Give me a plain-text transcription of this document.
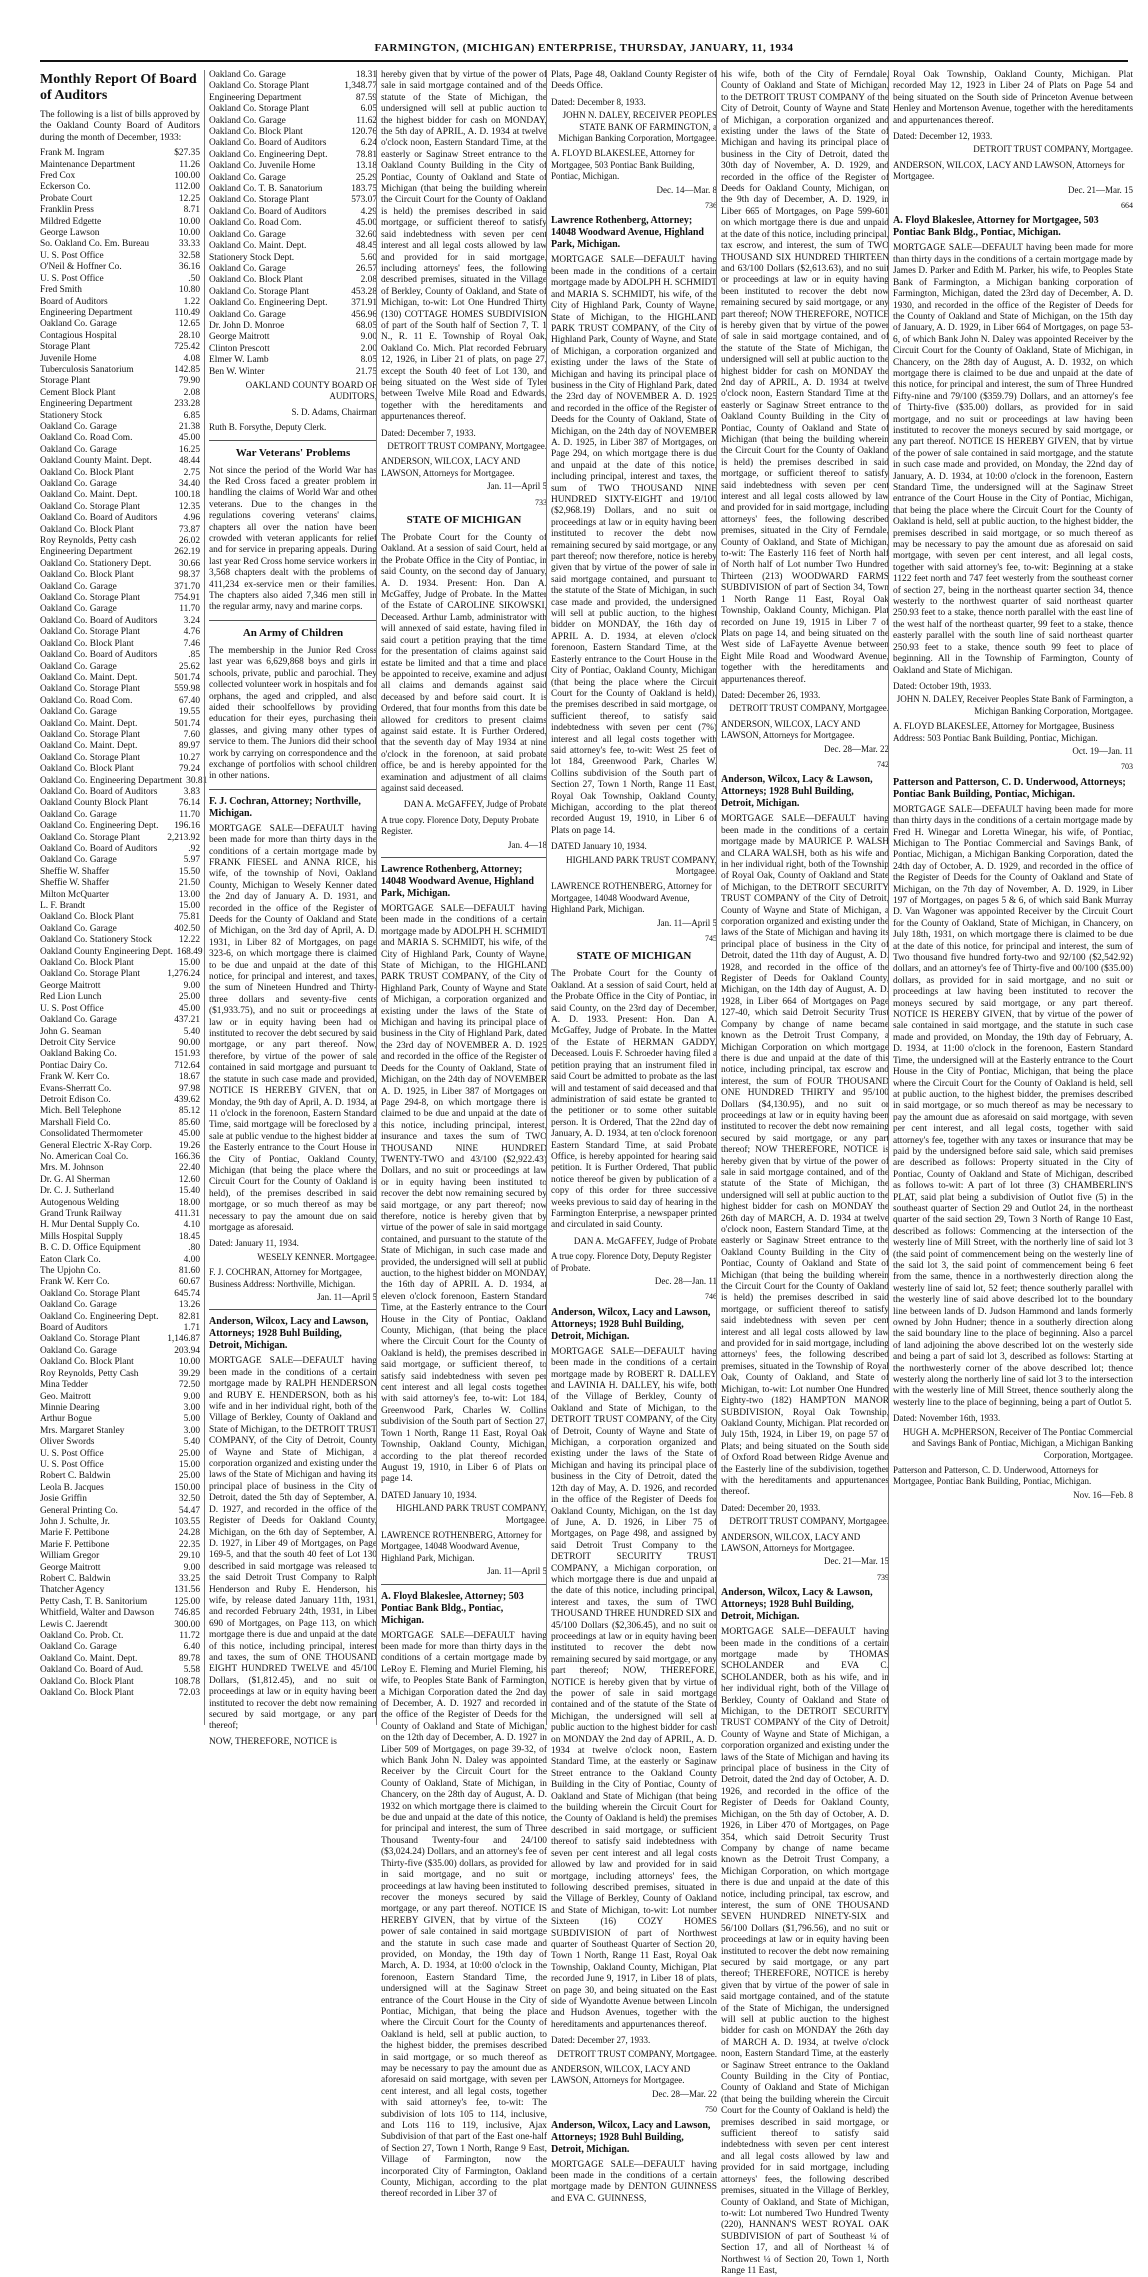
FARMINGTON, (MICHIGAN) ENTERPRISE, THURSDAY, JANUARY, 11, 1934
Monthly Report Of Board of Auditors
The following is a list of bills approved by the Oakland County Board of Auditors during the month of December, 1933:
Frank M. Ingram	$27.35
Maintenance Department	11.26
Fred Cox	100.00
Eckerson Co.	112.00
Probate Court	12.25
Franklin Press	8.71
Mildred Edgette	10.00
George Lawson	10.00
So. Oakland Co. Em. Bureau	33.33
U. S. Post Office	32.58
O'Neil & Hoffner Co.	36.16
U. S. Post Office	.50
Fred Smith	10.80
Board of Auditors	1.22
Engineering Department	110.49
Oakland Co. Garage	12.65
Contagious Hospital	28.10
Storage Plant	725.42
Juvenile Home	4.08
Tuberculosis Sanatorium	142.85
Storage Plant	79.90
Cement Block Plant	2.08
Engineering Department	233.28
Stationery Stock	6.85
Oakland Co. Garage	21.38
Oakland Co. Road Com.	45.00
Oakland Co. Garage	16.25
Oakland County Maint. Dept.	48.44
Oakland Co. Block Plant	2.75
Oakland Co. Garage	34.40
Oakland Co. Maint. Dept.	100.18
Oakland Co. Storage Plant	12.35
Oakland Co. Board of Auditors	4.96
Oakland Co. Block Plant	73.87
Roy Reynolds, Petty cash	26.02
Engineering Department	262.19
Oakland Co. Stationery Dept.	30.66
Oakland Co. Block Plant	98.37
Oakland Co. Garage	371.70
Oakland Co. Storage Plant	754.91
Oakland Co. Garage	11.70
Oakland Co. Board of Auditors	3.24
Oakland Co. Storage Plant	4.76
Oakland Co. Block Plant	7.46
Oakland Co. Board of Auditors	.85
Oakland Co. Garage	25.62
Oakland Co. Maint. Dept.	501.74
Oakland Co. Storage Plant	559.98
Oakland Co. Road Com.	67.40
Oakland Co. Garage	19.55
Oakland Co. Maint. Dept.	501.74
Oakland Co. Storage Plant	7.60
Oakland Co. Maint. Dept.	89.97
Oakland Co. Storage Plant	10.27
Oakland Co. Block Plant	79.24
Oakland Co. Engineering Department 30.81
Oakland Co. Board of Auditors	3.83
Oakland County Block Plant	76.14
Oakland Co. Garage	11.70
Oakland Co. Engineering Dept. 196.16
Oakland Co. Storage Plant	2,213.92
Oakland Co. Board of Auditors	.92
Oakland Co. Garage	5.97
Sheffie W. Shaffer	15.50
Sheffie W. Shaffer	21.50
Milton McQuarter	13.00
L. F. Brandt	15.00
Oakland Co. Block Plant	75.81
Oakland Co. Garage	402.50
Oakland Co. Stationery Stock	12.22
Oakland County Engineering Dept. 168.49
Oakland Co. Block Plant	15.00
Oakland Co. Storage Plant	1,276.24
George Maitrott	9.00
Red Lion Lunch	25.00
U. S. Post Office	45.00
Oakland Co. Garage	437.21
John G. Seaman	5.40
Detroit City Service	90.00
Oakland Baking Co.	151.93
Pontiac Dairy Co.	712.64
Frank W. Kerr Co.	18.67
Evans-Sherratt Co.	97.98
Detroit Edison Co.	439.62
Mich. Bell Telephone	85.12
Marshall Field Co.	85.60
Consolidated Thermometer	45.00
General Electric X-Ray Corp.	19.26
No. American Coal Co.	166.36
Mrs. M. Johnson	22.40
Dr. G. Al Sherman	12.60
Dr. C. J. Sutherland	15.40
Autogenous Welding	18.00
Grand Trunk Railway	411.31
H. Mur Dental Supply Co.	4.10
Mills Hospital Supply	18.45
B. C. D. Office Equipment	.80
Eaton Clark Co.	4.00
The Upjohn Co.	81.60
Frank W. Kerr Co.	60.67
Oakland Co. Storage Plant	645.74
Oakland Co. Garage	13.26
Oakland Co. Engineering Dept. 82.81
Board of Auditors	1.71
Oakland Co. Storage Plant	1,146.87
Oakland Co. Garage	203.94
Oakland Co. Block Plant	10.00
Roy Reynolds, Petty Cash	39.29
Mina Tedder	72.50
Geo. Maitrott	9.00
Minnie Dearing	3.00
Arthur Bogue	5.00
Mrs. Margaret Stanley	3.00
Oliver Swords	5.40
U. S. Post Office	25.00
U. S. Post Office	15.00
Robert C. Baldwin	25.00
Leola B. Jacques	150.00
Josie Griffin	32.50
General Printing Co.	54.47
John J. Schulte, Jr.	103.55
Marie F. Pettibone	24.28
Marie F. Pettibone	22.35
William Gregor	29.10
George Maitrott	9.00
Robert C. Baldwin	33.25
Thatcher Agency	131.56
Petty Cash, T. B. Sanitorium	125.00
Whitfield, Walter and Dawson 746.85
Lewis C. Jaerendt	300.00
Oakland Co. Prob. Ct.	11.72
Oakland Co. Garage	6.40
Oakland Co. Maint. Dept.	89.78
Oakland Co. Board of Aud.	5.58
Oakland Co. Block Plant	108.78
Oakland Co. Block Plant	72.03
Oakland Co. Garage	18.31
Oakland Co. Storage Plant	1,348.77
Engineering Department	87.59
Oakland Co. Storage Plant	6.05
Oakland Co. Garage	11.62
Oakland Co. Block Plant	120.76
Oakland Co. Board of Auditors	6.24
Oakland Co. Engineering Dept.	78.81
Oakland Co. Juvenile Home	13.18
Oakland Co. Garage	25.29
Oakland Co. T. B. Sanatorium	183.75
Oakland Co. Storage Plant	573.07
Oakland Co. Board of Auditors	4.29
Oakland Co. Road Com.	45.00
Oakland Co. Garage	32.60
Oakland Co. Maint. Dept.	48.45
Stationery Stock Dept.	5.60
Oakland Co. Garage	26.57
Oakland Co. Block Plant	2.08
Oakland Co. Storage Plant	453.28
Oakland Co. Engineering Dept.	371.91
Oakland Co. Garage	456.96
Dr. John D. Monroe	68.05
George Maitrott	9.00
Clinton Prescott	2.00
Elmer W. Lamb	8.05
Ben W. Winter	21.75
OAKLAND COUNTY BOARD OF AUDITORS,
S. D. Adams, Chairman
Ruth B. Forsythe, Deputy Clerk.
War Veterans' Problems
Not since the period of the World War has the Red Cross faced a greater problem in handling the claims of World War and other veterans. Due to the changes in the regulations covering veterans' claims, chapters all over the nation have been crowded with veteran applicants for relief and for service in preparing appeals. During last year Red Cross home service workers in 3,568 chapters dealt with the problems of 411,234 ex-service men or their families. The chapters also aided 7,346 men still in the regular army, navy and marine corps.
An Army of Children
The membership in the Junior Red Cross last year was 6,629,868 boys and girls in schools, private, public and parochial. They collected volunteer work in hospitals and for orphans, the aged and crippled, and also aided their schoolfellows by providing education for their eyes, purchasing their glasses, and giving many other types of service to them. The Juniors did their school work by carrying on correspondence and the exchange of portfolios with school children in other nations.
F. J. Cochran, Attorney; Northville, Michigan.
MORTGAGE SALE—DEFAULT having been made for more than thirty days in the conditions of a certain mortgage made by FRANK FIESEL and ANNA RICE, his wife, of the township of Novi, Oakland County, Michigan to Wesely Kenner dated the 2nd day of January A. D. 1931, and recorded in the office of the Register of Deeds for the County of Oakland and State of Michigan, on the 3rd day of April, A. D. 1931, in Liber 82 of Mortgages, on page 323-6, on which mortgage there is claimed to be due and unpaid at the date of this notice, for principal and interest, and taxes, the sum of Nineteen Hundred and Thirty-three dollars and seventy-five cents ($1,933.75), and no suit or proceedings at law or in equity having been had or instituted to recover the debt secured by said mortgage, or any part thereof. Now, therefore, by virtue of the power of sale contained in said mortgage and pursuant to the statute in such case made and provided, NOTICE IS HEREBY GIVEN, that on Monday, the 9th day of April, A. D. 1934, at 11 o'clock in the forenoon, Eastern Standard Time, said mortgage will be foreclosed by a sale at public vendue to the highest bidder at the Easterly entrance to the Court House in the City of Pontiac, Oakland County, Michigan (that being the place where the Circuit Court for the County of Oakland is held), of the premises described in said mortgage, or so much thereof as may be necessary to pay the amount due on said mortgage as aforesaid.
Dated: January 11, 1934.
WESELY KENNER. Mortgagee.
F. J. COCHRAN, Attorney for Mortgagee, Business Address: Northville, Michigan.
Jan. 11—April 5
Anderson, Wilcox, Lacy and Lawson, Attorneys; 1928 Buhl Building, Detroit, Michigan.
MORTGAGE SALE—DEFAULT having been made in the conditions of a certain mortgage made by RALPH HENDERSON and RUBY E. HENDERSON, both as his wife and in her individual right, both of the Village of Berkley, County of Oakland and State of Michigan, to the DETROIT TRUST COMPANY, of the City of Detroit, County of Wayne and State of Michigan, a corporation organized and existing under the laws of the State of Michigan and having its principal place of business in the City of Detroit, dated the 5th day of September, A. D. 1927, and recorded in the office of the Register of Deeds for Oakland County, Michigan, on the 6th day of September, A. D. 1927, in Liber 49 of Mortgages, on Page 169-5, and that the south 40 feet of Lot 130 described in said mortgage was released to the said Detroit Trust Company to Ralph Henderson and Ruby E. Henderson, his wife, by release dated January 11th, 1931, and recorded February 24th, 1931, in Liber 690 of Mortgages, on Page 113, on which mortgage there is due and unpaid at the date of this notice, including principal, interest and taxes, the sum of ONE THOUSAND EIGHT HUNDRED TWELVE and 45/100 Dollars, ($1,812.45), and no suit or proceedings at law or in equity having been instituted to recover the debt now remaining secured by said mortgage, or any part thereof;
NOW, THEREFORE, NOTICE is
hereby given that by virtue of the power of sale in said mortgage contained and of the statute of the State of Michigan, the undersigned will sell at public auction to the highest bidder for cash on MONDAY, the 5th day of APRIL, A. D. 1934 at twelve o'clock noon, Eastern Standard Time, at the easterly or Saginaw Street entrance to the Oakland County Building in the City of Pontiac, County of Oakland and State of Michigan (that being the building wherein the Circuit Court for the County of Oakland is held) the premises described in said mortgage, or sufficient thereof to satisfy said indebtedness with seven per cent interest and all legal costs allowed by law and provided for in said mortgage, including attorneys' fees, the following described premises, situated in the Village of Berkley, County of Oakland, and State of Michigan, to-wit: Lot One Hundred Thirty (130) COTTAGE HOMES SUBDIVISION of part of the South half of Section 7, T. 1 N., R. 11 E. Township of Royal Oak, Oakland Co. Mich. Plat recorded February 12, 1926, in Liber 21 of plats, on page 27, except the South 40 feet of Lot 130, and being situated on the West side of Tyler between Twelve Mile Road and Edwards, together with the hereditaments and appurtenances thereof.
Dated: December 7, 1933.
DETROIT TRUST COMPANY, Mortgagee.
ANDERSON, WILCOX, LACY AND LAWSON, Attorneys for Mortgagee.
Jan. 11—April 5
733
STATE OF MICHIGAN
The Probate Court for the County of Oakland. At a session of said Court, held at the Probate Office in the City of Pontiac, in said County, on the second day of January, A. D. 1934. Present: Hon. Dan A. McGaffey, Judge of Probate. In the Matter of the Estate of CAROLINE SIKOWSKI, Deceased. Arthur Lamb, administrator with will annexed of said estate, having filed in said court a petition praying that the time for the presentation of claims against said estate be limited and that a time and place be appointed to receive, examine and adjust all claims and demands against said deceased by and before said court. It is Ordered, that four months from this date be allowed for creditors to present claims against said estate. It is Further Ordered, that the seventh day of May 1934 at nine o'clock in the forenoon, at said probate office, be and is hereby appointed for the examination and adjustment of all claims against said deceased.
DAN A. McGAFFEY, Judge of Probate
A true copy. Florence Doty, Deputy Probate Register.
Jan. 4—18
Lawrence Rothenberg, Attorney; 14048 Woodward Avenue, Highland Park, Michigan.
MORTGAGE SALE—DEFAULT having been made in the conditions of a certain mortgage made by ADOLPH H. SCHMIDT and MARIA S. SCHMIDT, his wife, of the City of Highland Park, County of Wayne, State of Michigan, to the HIGHLAND PARK TRUST COMPANY, of the City of Highland Park, County of Wayne and State of Michigan, a corporation organized and existing under the laws of the State of Michigan and having its principal place of business in the City of Highland Park, dated the 23rd day of NOVEMBER A. D. 1925 and recorded in the office of the Register of Deeds for the County of Oakland, State of Michigan, on the 24th day of NOVEMBER A. D. 1925, in Liber 387 of Mortgages on Page 294-8, on which mortgage there is claimed to be due and unpaid at the date of this notice, including principal, interest, insurance and taxes the sum of TWO THOUSAND NINE HUNDRED TWENTY-TWO and 43/100 ($2,922.43) Dollars, and no suit or proceedings at law or in equity having been instituted to recover the debt now remaining secured by said mortgage, or any part thereof; now therefore, notice is hereby given that by virtue of the power of sale in said mortgage contained, and pursuant to the statute of the State of Michigan, in such case made and provided, the undersigned will sell at public auction, to the highest bidder on MONDAY, the 16th day of APRIL A. D. 1934, at eleven o'clock forenoon, Eastern Standard Time, at the Easterly entrance to the Court House in the City of Pontiac, Oakland County, Michigan, (that being the place where the Circuit Court for the County of Oakland is held), the premises described in said mortgage, or sufficient thereof, to satisfy said indebtedness with seven per cent interest and all legal costs together with said attorney's fee, to-wit: Lot 184, Greenwood Park, Charles W. Collins subdivision of the South part of Section 27, Town 1 North, Range 11 East, Royal Oak Township, Oakland County, Michigan, according to the plat thereof recorded August 19, 1910, in Liber 6 of Plats on page 14.
DATED January 10, 1934.
HIGHLAND PARK TRUST COMPANY, Mortgagee.
LAWRENCE ROTHENBERG, Attorney for Mortgagee, 14048 Woodward Avenue, Highland Park, Michigan.
Jan. 11—April 5
A. Floyd Blakeslee, Attorney; 503 Pontiac Bank Bldg., Pontiac, Michigan.
MORTGAGE SALE—DEFAULT having been made for more than thirty days in the conditions of a certain mortgage made by LeRoy E. Fleming and Muriel Fleming, his wife, to Peoples State Bank of Farmington, a Michigan Corporation dated the 2nd day of December, A. D. 1927 and recorded in the office of the Register of Deeds for the County of Oakland and State of Michigan, on the 12th day of December, A. D. 1927 in Liber 509 of Mortgages, on page 39-32, of which Bank John N. Daley was appointed Receiver by the Circuit Court for the County of Oakland, State of Michigan, in Chancery, on the 28th day of August, A. D. 1932 on which mortgage there is claimed to be due and unpaid at the date of this notice, for principal and interest, the sum of Three Thousand Twenty-four and 24/100 ($3,024.24) Dollars, and an attorney's fee of Thirty-five ($35.00) dollars, as provided for in said mortgage, and no suit or proceedings at law having been instituted to recover the moneys secured by said mortgage, or any part thereof. NOTICE IS HEREBY GIVEN, that by virtue of the power of sale contained in said mortgage and the statute in such case made and provided, on Monday, the 19th day of March, A. D. 1934, at 10:00 o'clock in the forenoon, Eastern Standard Time, the undersigned will at the Saginaw Street entrance of the Court House in the City of Pontiac, Michigan, that being the place where the Circuit Court for the County of Oakland is held, sell at public auction, to the highest bidder, the premises described in said mortgage, or so much thereof as may be necessary to pay the amount due as aforesaid on said mortgage, with seven per cent interest, and all legal costs, together with said attorney's fee, to-wit: The subdivision of lots 105 to 114, inclusive, and Lots 116 to 119, inclusive, Ajax Subdivision of that part of the East one-half of Section 27, Town 1 North, Range 9 East, Village of Farmington, now the incorporated City of Farmington, Oakland County, Michigan, according to the plat thereof recorded in Liber 37 of
Plats, Page 48, Oakland County Register of Deeds Office.
Dated: December 8, 1933.
JOHN N. DALEY, RECEIVER PEOPLES STATE BANK OF FARMINGTON, a Michigan Banking Corporation, Mortgagee.
A. FLOYD BLAKESLEE, Attorney for Mortgagee, 503 Pontiac Bank Building, Pontiac, Michigan.
Dec. 14—Mar. 8
736
Lawrence Rothenberg, Attorney; 14048 Woodward Avenue, Highland Park, Michigan.
MORTGAGE SALE—DEFAULT having been made in the conditions of a certain mortgage made by ADOLPH H. SCHMIDT and MARIA S. SCHMIDT, his wife, of the City of Highland Park, County of Wayne, State of Michigan, to the HIGHLAND PARK TRUST COMPANY, of the City of Highland Park, County of Wayne, and State of Michigan, a corporation organized and existing under the laws of the State of Michigan and having its principal place of business in the City of Highland Park, dated the 23rd day of NOVEMBER A. D. 1925 and recorded in the office of the Register of Deeds for the County of Oakland, State of Michigan, on the 24th day of NOVEMBER A. D. 1925, in Liber 387 of Mortgages, on Page 294, on which mortgage there is due and unpaid at the date of this notice, including principal, interest and taxes, the sum of TWO THOUSAND NINE HUNDRED SIXTY-EIGHT and 19/100 ($2,968.19) Dollars, and no suit or proceedings at law or in equity having been instituted to recover the debt now remaining secured by said mortgage, or any part thereof; now therefore, notice is hereby given that by virtue of the power of sale in said mortgage contained, and pursuant to the statute of the State of Michigan, in such case made and provided, the undersigned will sell at public auction, to the highest bidder on MONDAY, the 16th day of APRIL A. D. 1934, at eleven o'clock forenoon, Eastern Standard Time, at the Easterly entrance to the Court House in the City of Pontiac, Oakland County, Michigan (that being the place where the Circuit Court for the County of Oakland is held), the premises described in said mortgage, or sufficient thereof, to satisfy said indebtedness with seven per cent (7%) interest and all legal costs together with said attorney's fee, to-wit: West 25 feet of lot 184, Greenwood Park, Charles W. Collins subdivision of the South part of Section 27, Town 1 North, Range 11 East, Royal Oak Township, Oakland County, Michigan, according to the plat thereof recorded August 19, 1910, in Liber 6 of Plats on page 14.
DATED January 10, 1934.
HIGHLAND PARK TRUST COMPANY, Mortgagee.
LAWRENCE ROTHENBERG, Attorney for Mortgagee, 14048 Woodward Avenue, Highland Park, Michigan.
Jan. 11—April 5
745
STATE OF MICHIGAN
The Probate Court for the County of Oakland. At a session of said Court, held at the Probate Office in the City of Pontiac, in said County, on the 23rd day of December, A. D. 1933. Present: Hon. Dan A. McGaffey, Judge of Probate. In the Matter of the Estate of HERMAN GADDY, Deceased. Louis F. Schroeder having filed a petition praying that an instrument filed in said Court be admitted to probate as the last will and testament of said deceased and that administration of said estate be granted to the petitioner or to some other suitable person. It is Ordered, That the 22nd day of January, A. D. 1934, at ten o'clock forenoon Eastern Standard Time, at said Probate Office, is hereby appointed for hearing said petition. It is Further Ordered, That public notice thereof be given by publication of a copy of this order for three successive weeks previous to said day of hearing in the Farmington Enterprise, a newspaper printed and circulated in said County.
DAN A. McGAFFEY, Judge of Probate
A true copy. Florence Doty, Deputy Register of Probate.
Dec. 28—Jan. 11
746
Anderson, Wilcox, Lacy and Lawson, Attorneys; 1928 Buhl Building, Detroit, Michigan.
MORTGAGE SALE—DEFAULT having been made in the conditions of a certain mortgage made by ROBERT R. DALLEY and LAVINIA H. DALLEY, his wife, both of the Village of Berkley, County of Oakland and State of Michigan, to the DETROIT TRUST COMPANY, of the City of Detroit, County of Wayne and State of Michigan, a corporation organized and existing under the laws of the State of Michigan and having its principal place of business in the City of Detroit, dated the 12th day of May, A. D. 1926, and recorded in the office of the Register of Deeds for Oakland County, Michigan, on the 1st day of June, A. D. 1926, in Liber 75 of Mortgages, on Page 498, and assigned by said Detroit Trust Company to the DETROIT SECURITY TRUST COMPANY, a Michigan corporation, on which mortgage there is due and unpaid at the date of this notice, including principal, interest and taxes, the sum of TWO THOUSAND THREE HUNDRED SIX and 45/100 Dollars ($2,306.45), and no suit or proceedings at law or in equity having been instituted to recover the debt now remaining secured by said mortgage, or any part thereof; NOW, THEREFORE, NOTICE is hereby given that by virtue of the power of sale in said mortgage contained and of the statute of the State of Michigan, the undersigned will sell at public auction to the highest bidder for cash on MONDAY the 2nd day of APRIL, A. D. 1934 at twelve o'clock noon, Eastern Standard Time, at the easterly or Saginaw Street entrance to the Oakland County Building in the City of Pontiac, County of Oakland and State of Michigan (that being the building wherein the Circuit Court for the County of Oakland is held) the premises described in said mortgage, or sufficient thereof to satisfy said indebtedness with seven per cent interest and all legal costs allowed by law and provided for in said mortgage, including attorneys' fees, the following described premises, situated in the Village of Berkley, County of Oakland and State of Michigan, to-wit: Lot number Sixteen (16) COZY HOMES SUBDIVISION of part of Northwest quarter of Southeast Quarter of Section 20, Town 1 North, Range 11 East, Royal Oak Township, Oakland County, Michigan, Plat recorded June 9, 1917, in Liber 18 of plats, on page 30, and being situated on the East side of Wyandotte Avenue between Lincoln and Hudson Avenues, together with the hereditaments and appurtenances thereof.
Dated: December 27, 1933.
DETROIT TRUST COMPANY, Mortgagee.
ANDERSON, WILCOX, LACY AND LAWSON, Attorneys for Mortgagee.
Dec. 28—Mar. 22
750
Anderson, Wilcox, Lacy and Lawson, Attorneys; 1928 Buhl Building, Detroit, Michigan.
MORTGAGE SALE—DEFAULT having been made in the conditions of a certain mortgage made by DENTON GUINNESS and EVA C. GUINNESS,
his wife, both of the City of Ferndale, County of Oakland and State of Michigan, to the DETROIT TRUST COMPANY of the City of Detroit, County of Wayne and State of Michigan, a corporation organized and existing under the laws of the State of Michigan and having its principal place of business in the City of Detroit, dated the 30th day of November, A. D. 1929, and recorded in the office of the Register of Deeds for Oakland County, Michigan, on the 9th day of December, A. D. 1929, in Liber 665 of Mortgages, on Page 599-601 on which mortgage there is due and unpaid at the date of this notice, including principal, tax escrow, and interest, the sum of TWO THOUSAND SIX HUNDRED THIRTEEN and 63/100 Dollars ($2,613.63), and no suit or proceedings at law or in equity having been instituted to recover the debt now remaining secured by said mortgage, or any part thereof; NOW THEREFORE, NOTICE is hereby given that by virtue of the power of sale in said mortgage contained, and of the statute of the State of Michigan, the undersigned will sell at public auction to the highest bidder for cash on MONDAY the 2nd day of APRIL, A. D. 1934 at twelve o'clock noon, Eastern Standard Time at the easterly or Saginaw Street entrance to the Oakland County Building in the City of Pontiac, County of Oakland and State of Michigan (that being the building wherein the Circuit Court for the County of Oakland is held) the premises described in said mortgage, or sufficient thereof to satisfy said indebtedness with seven per cent interest and all legal costs allowed by law and provided for in said mortgage, including attorneys' fees, the following described premises, situated in the City of Ferndale, County of Oakland, and State of Michigan, to-wit: The Easterly 116 feet of North half of North half of Lot number Two Hundred Thirteen (213) WOODWARD FARMS SUBDIVISION of part of Section 34, Town 1 North Range 11 East, Royal Oak Township, Oakland County, Michigan. Plat recorded on June 19, 1915 in Liber 7 of Plats on page 14, and being situated on the West side of LaFayette Avenue between Eight Mile Road and Woodward Avenue, together with the hereditaments and appurtenances thereof.
Dated: December 26, 1933.
DETROIT TRUST COMPANY, Mortgagee.
ANDERSON, WILCOX, LACY AND LAWSON, Attorneys for Mortgagee.
Dec. 28—Mar. 22
742
Anderson, Wilcox, Lacy & Lawson, Attorneys; 1928 Buhl Building, Detroit, Michigan.
MORTGAGE SALE—DEFAULT having been made in the conditions of a certain mortgage made by MAURICE P. WALSH and CLARA WALSH, both as his wife and in her individual right, both of the Township of Royal Oak, County of Oakland and State of Michigan, to the DETROIT SECURITY TRUST COMPANY of the City of Detroit, County of Wayne and State of Michigan, a corporation organized and existing under the laws of the State of Michigan and having its principal place of business in the City of Detroit, dated the 11th day of August, A. D. 1928, and recorded in the office of the Register of Deeds for Oakland County, Michigan, on the 14th day of August, A. D. 1928, in Liber 664 of Mortgages on Page 127-40, which said Detroit Security Trust Company by change of name became known as the Detroit Trust Company, a Michigan Corporation on which mortgage there is due and unpaid at the date of this notice, including principal, tax escrow and interest, the sum of FOUR THOUSAND ONE HUNDRED THIRTY and 95/100 Dollars ($4,130.95), and no suit or proceedings at law or in equity having been instituted to recover the debt now remaining secured by said mortgage, or any part thereof; NOW THEREFORE, NOTICE is hereby given that by virtue of the power of sale in said mortgage contained, and of the statute of the State of Michigan, the undersigned will sell at public auction to the highest bidder for cash on MONDAY the 26th day of MARCH, A. D. 1934 at twelve o'clock noon, Eastern Standard Time, at the easterly or Saginaw Street entrance to the Oakland County Building in the City of Pontiac, County of Oakland and State of Michigan (that being the building wherein the Circuit Court for the County of Oakland is held) the premises described in said mortgage, or sufficient thereof to satisfy said indebtedness with seven per cent interest and all legal costs allowed by law and provided for in said mortgage, including attorneys' fees, the following described premises, situated in the Township of Royal Oak, County of Oakland, and State of Michigan, to-wit: Lot number One Hundred Eighty-two (182) HAMPTON MANOR SUBDIVISION, Royal Oak Township, Oakland County, Michigan. Plat recorded on July 15th, 1924, in Liber 19, on page 57 of Plats; and being situated on the South side of Oxford Road between Ridge Avenue and the Easterly line of the subdivision, together with the hereditaments and appurtenances thereof.
Dated: December 20, 1933.
DETROIT TRUST COMPANY, Mortgagee.
ANDERSON, WILCOX, LACY AND LAWSON, Attorneys for Mortgagee.
Dec. 21—Mar. 15
739
Anderson, Wilcox, Lacy & Lawson, Attorneys; 1928 Buhl Building, Detroit, Michigan.
MORTGAGE SALE—DEFAULT having been made in the conditions of a certain mortgage made by THOMAS SCHOLANDER and EVA C. SCHOLANDER, both as his wife, and in her individual right, both of the Village of Berkley, County of Oakland and State of Michigan, to the DETROIT SECURITY TRUST COMPANY of the City of Detroit, County of Wayne and State of Michigan, a corporation organized and existing under the laws of the State of Michigan and having its principal place of business in the City of Detroit, dated the 2nd day of October, A. D. 1926, and recorded in the office of the Register of Deeds for Oakland County, Michigan, on the 5th day of October, A. D. 1926, in Liber 470 of Mortgages, on Page 354, which said Detroit Security Trust Company by change of name became known as the Detroit Trust Company, a Michigan Corporation, on which mortgage there is due and unpaid at the date of this notice, including principal, tax escrow, and interest, the sum of ONE THOUSAND SEVEN HUNDRED NINETY-SIX and 56/100 Dollars ($1,796.56), and no suit or proceedings at law or in equity having been instituted to recover the debt now remaining secured by said mortgage, or any part thereof; THEREFORE, NOTICE is hereby given that by virtue of the power of sale in said mortgage contained, and of the statute of the State of Michigan, the undersigned will sell at public auction to the highest bidder for cash on MONDAY the 26th day of MARCH A. D. 1934, at twelve o'clock noon, Eastern Standard Time, at the easterly or Saginaw Street entrance to the Oakland County Building in the City of Pontiac, County of Oakland and State of Michigan (that being the building wherein the Circuit Court for the County of Oakland is held) the premises described in said mortgage, or sufficient thereof to satisfy said indebtedness with seven per cent interest and all legal costs allowed by law and provided for in said mortgage, including attorneys' fees, the following described premises, situated in the Village of Berkley, County of Oakland, and State of Michigan, to-wit: Lot numbered Two Hundred Twenty (220), HANNAN'S WEST ROYAL OAK SUBDIVISION of part of Southeast ¼ of Section 17, and all of Northeast ¼ of Northwest ¼ of Section 20, Town 1, North Range 11 East,
Royal Oak Township, Oakland County, Michigan. Plat recorded May 12, 1923 in Liber 24 of Plats on Page 54 and being situated on the South side of Princeton Avenue between Henley and Mortenson Avenue, together with the hereditaments and appurtenances thereof.
Dated: December 12, 1933.
DETROIT TRUST COMPANY, Mortgagee.
ANDERSON, WILCOX, LACY AND LAWSON, Attorneys for Mortgagee.
Dec. 21—Mar. 15
664
A. Floyd Blakeslee, Attorney for Mortgagee, 503 Pontiac Bank Bldg., Pontiac, Michigan.
MORTGAGE SALE—DEFAULT having been made for more than thirty days in the conditions of a certain mortgage made by James D. Parker and Edith M. Parker, his wife, to Peoples State Bank of Farmington, a Michigan banking corporation of Farmington, Michigan, dated the 23rd day of December, A. D. 1930, and recorded in the office of the Register of Deeds for the County of Oakland and State of Michigan, on the 15th day of January, A. D. 1929, in Liber 664 of Mortgages, on page 53-6, of which Bank John N. Daley was appointed Receiver by the Circuit Court for the County of Oakland, State of Michigan, in Chancery, on the 28th day of August, A. D. 1932, on which mortgage there is claimed to be due and unpaid at the date of this notice, for principal and interest, the sum of Three Hundred Fifty-nine and 79/100 ($359.79) Dollars, and an attorney's fee of Thirty-five ($35.00) dollars, as provided for in said mortgage, and no suit or proceedings at law having been instituted to recover the moneys secured by said mortgage, or any part thereof. NOTICE IS HEREBY GIVEN, that by virtue of the power of sale contained in said mortgage, and the statute in such case made and provided, on Monday, the 22nd day of January, A. D. 1934, at 10:00 o'clock in the forenoon, Eastern Standard Time, the undersigned will at the Saginaw Street entrance of the Court House in the City of Pontiac, Michigan, that being the place where the Circuit Court for the County of Oakland is held, sell at public auction, to the highest bidder, the premises described in said mortgage, or so much thereof as may be necessary to pay the amount due as aforesaid on said mortgage, with seven per cent interest, and all legal costs, together with said attorney's fee, to-wit: Beginning at a stake 1122 feet north and 747 feet westerly from the southeast corner of section 27, being in the northeast quarter section 34, thence westerly to the northwest quarter of said northeast quarter 250.93 feet to a stake, thence north parallel with the east line of the west half of the northeast quarter, 99 feet to a stake, thence easterly parallel with the south line of said northeast quarter 250.93 feet to a stake, thence south 99 feet to place of beginning. All in the Township of Farmington, County of Oakland and State of Michigan.
Dated: October 19th, 1933.
JOHN N. DALEY, Receiver Peoples State Bank of Farmington, a Michigan Banking Corporation, Mortgagee.
A. FLOYD BLAKESLEE, Attorney for Mortgagee, Business Address: 503 Pontiac Bank Building, Pontiac, Michigan.
Oct. 19—Jan. 11
703
Patterson and Patterson, C. D. Underwood, Attorneys; Pontiac Bank Building, Pontiac, Michigan.
MORTGAGE SALE—DEFAULT having been made for more than thirty days in the conditions of a certain mortgage made by Fred H. Winegar and Loretta Winegar, his wife, of Pontiac, Michigan to The Pontiac Commercial and Savings Bank, of Pontiac, Michigan, a Michigan Banking Corporation, dated the 24th day of October, A. D. 1929, and recorded in the office of the Register of Deeds for the County of Oakland and State of Michigan, on the 7th day of November, A. D. 1929, in Liber 197 of Mortgages, on pages 5 & 6, of which said Bank Murray D. Van Wagoner was appointed Receiver by the Circuit Court for the County of Oakland, State of Michigan, in Chancery, on July 18th, 1931, on which mortgage there is claimed to be due at the date of this notice, for principal and interest, the sum of Two thousand five hundred forty-two and 92/100 ($2,542.92) dollars, and an attorney's fee of Thirty-five and 00/100 ($35.00) dollars, as provided for in said mortgage, and no suit or proceedings at law having been instituted to recover the moneys secured by said mortgage, or any part thereof. NOTICE IS HEREBY GIVEN, that by virtue of the power of sale contained in said mortgage, and the statute in such case made and provided, on Monday, the 19th day of February, A. D. 1934, at 11:00 o'clock in the forenoon, Eastern Standard Time, the undersigned will at the Easterly entrance to the Court House in the City of Pontiac, Michigan, that being the place where the Circuit Court for the County of Oakland is held, sell at public auction, to the highest bidder, the premises described in said mortgage, or so much thereof as may be necessary to pay the amount due as aforesaid on said mortgage, with seven per cent interest, and all legal costs, together with said attorney's fee, together with any taxes or insurance that may be paid by the undersigned before said sale, which said premises are described as follows: Property situated in the City of Pontiac, County of Oakland and State of Michigan, described as follows to-wit: A part of lot three (3) CHAMBERLIN'S PLAT, said plat being a subdivision of Outlot five (5) in the southeast quarter of Section 29 and Outlot 24, in the northeast quarter of the said section 29, Town 3 North of Range 10 East, described as follows: Commencing at the intersection of the westerly line of Mill Street, with the northerly line of said lot 3 (the said point of commencement being on the westerly line of the said lot 3, the said point of commencement being 6 feet from the same, thence in a northwesterly direction along the westerly line of said lot, 52 feet; thence southerly parallel with the westerly line of said above described lot to the boundary line between lands of D. Judson Hammond and lands formerly owned by John Hudner; thence in a southerly direction along the said boundary line to the place of beginning. Also a parcel of land adjoining the above described lot on the westerly side and being a part of said lot 3, described as follows: Starting at the northwesterly corner of the above described lot; thence westerly along the northerly line of said lot 3 to the intersection with the westerly line of Mill Street, thence southerly along the westerly line to the place of beginning, being a part of Outlot 5.
Dated: November 16th, 1933.
HUGH A. McPHERSON, Receiver of The Pontiac Commercial and Savings Bank of Pontiac, Michigan, a Michigan Banking Corporation, Mortgagee.
Patterson and Patterson, C. D. Underwood, Attorneys for Mortgagee, Pontiac Bank Building, Pontiac, Michigan.
Nov. 16—Feb. 8
